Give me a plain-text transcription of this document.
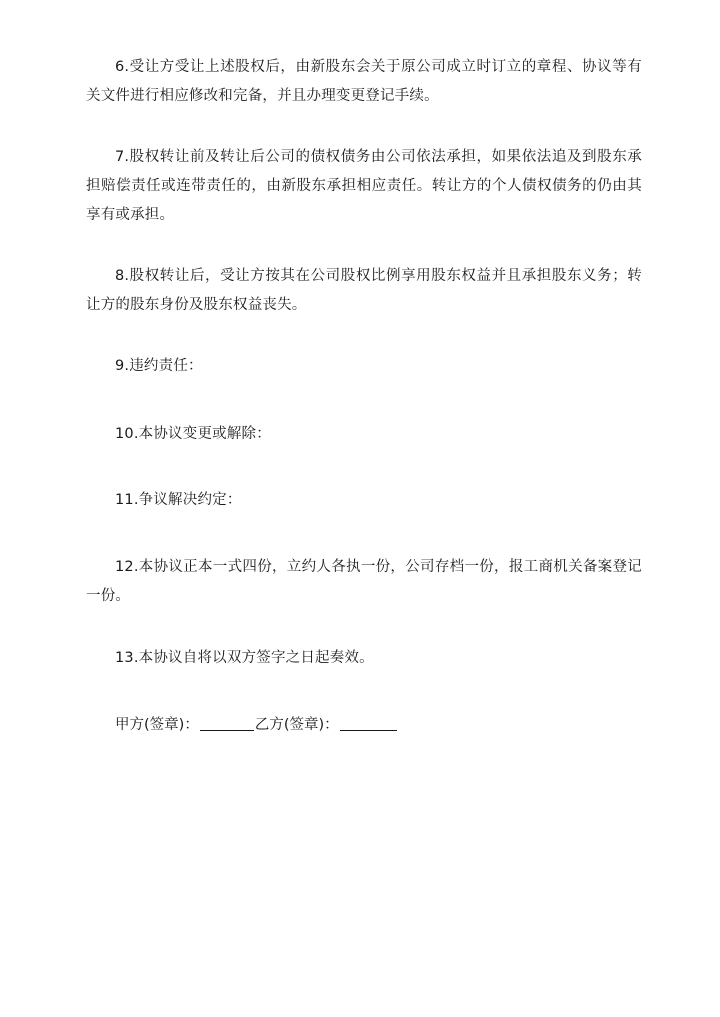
6.受让方受让上述股权后，由新股东会关于原公司成立时订立的章程、协议等有关文件进行相应修改和完备，并且办理变更登记手续。

7.股权转让前及转让后公司的债权债务由公司依法承担，如果依法追及到股东承担赔偿责任或连带责任的，由新股东承担相应责任。转让方的个人债权债务的仍由其享有或承担。

8.股权转让后，受让方按其在公司股权比例享用股东权益并且承担股东义务；转让方的股东身份及股东权益丧失。

9.违约责任：

10.本协议变更或解除：

11.争议解决约定：

12.本协议正本一式四份，立约人各执一份，公司存档一份，报工商机关备案登记一份。

13.本协议自将以双方签字之日起奏效。

甲方(签章)：	乙方(签章)：
